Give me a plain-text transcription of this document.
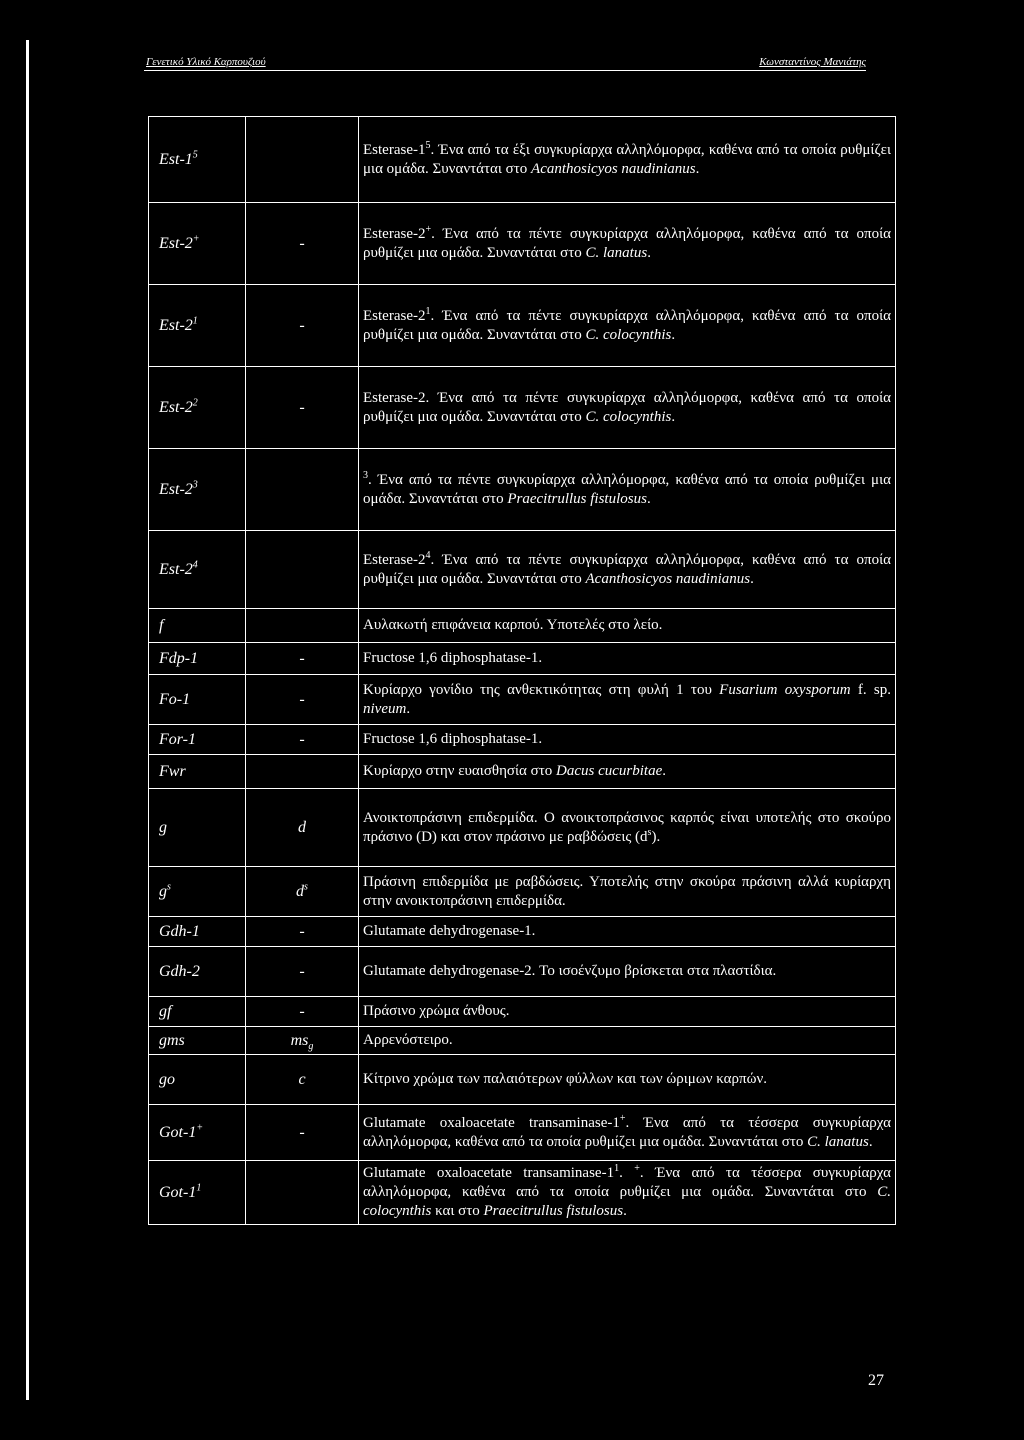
Γενετικό Υλικό Καρπουζιού	Κωνσταντίνος Μανιάτης
Est-$1^5$		Esterase-$1^5$. Ένα από τα έξι συγκυρίαρχα αλληλόμορφα, καθένα από τα οποία ρυθμίζει μια ομάδα. Συναντάται στο Acanthosicyos naudinianus.
Est-2+	-	Esterase-2+. Ένα από τα πέντε συγκυρίαρχα αλληλόμορφα, καθένα από τα οποία ρυθμίζει μια ομάδα. Συναντάται στο C. lanatus.
Est-$2^1$	-	Esterase-$2^1$. Ένα από τα πέντε συγκυρίαρχα αλληλόμορφα, καθένα από τα οποία ρυθμίζει μια ομάδα. Συναντάται στο C. colocynthis.
Est-$2^2$	-	Esterase-2. Ένα από τα πέντε συγκυρίαρχα αλληλόμορφα, καθένα από τα οποία ρυθμίζει μια ομάδα. Συναντάται στο C. colocynthis.
Est-$2^3$		$^3$. Ένα από τα πέντε συγκυρίαρχα αλληλόμορφα, καθένα από τα οποία ρυθμίζει μια ομάδα. Συναντάται στο Praecitrullus fistulosus.
Est-$2^4$		Esterase-$2^4$. Ένα από τα πέντε συγκυρίαρχα αλληλόμορφα, καθένα από τα οποία ρυθμίζει μια ομάδα. Συναντάται στο Acanthosicyos naudinianus.
f		Αυλακωτή επιφάνεια καρπού. Υποτελές στο λείο.
Fdp-1	-	Fructose 1,6 diphosphatase-1.
Fo-1	-	Κυρίαρχο γονίδιο της ανθεκτικότητας στη φυλή 1 του Fusarium oxysporum f. sp. niveum.
For-1	-	Fructose 1,6 diphosphatase-1.
Fwr		Κυρίαρχο στην ευαισθησία στο Dacus cucurbitae.
g	d	Ανοικτοπράσινη επιδερμίδα. Ο ανοικτοπράσινος καρπός είναι υποτελής στο σκούρο πράσινο (D) και στον πράσινο με ραβδώσεις $(d^s)$.
$g^s$	$d^s$	Πράσινη επιδερμίδα με ραβδώσεις. Υποτελής στην σκούρα πράσινη αλλά κυρίαρχη στην ανοικτοπράσινη επιδερμίδα.
Gdh-1	-	Glutamate dehydrogenase-1.
Gdh-2	-	Glutamate dehydrogenase-2. Το ισοένζυμο βρίσκεται στα πλαστίδια.
gf	-	Πράσινο χρώμα άνθους.
gms	$ms_g$	Αρρενόστειρο.
go	c	Κίτρινο χρώμα των παλαιότερων φύλλων και των ώριμων καρπών.
Got-1+	-	Glutamate oxaloacetate transaminase-1+. Ένα από τα τέσσερα συγκυρίαρχα αλληλόμορφα, καθένα από τα οποία ρυθμίζει μια ομάδα. Συναντάται στο C. lanatus.
Got-$1^1$		Glutamate oxaloacetate transaminase-$1^1$. +. Ένα από τα τέσσερα συγκυρίαρχα αλληλόμορφα, καθένα από τα οποία ρυθμίζει μια ομάδα. Συναντάται στο C. colocynthis και στο Praecitrullus fistulosus.
27
